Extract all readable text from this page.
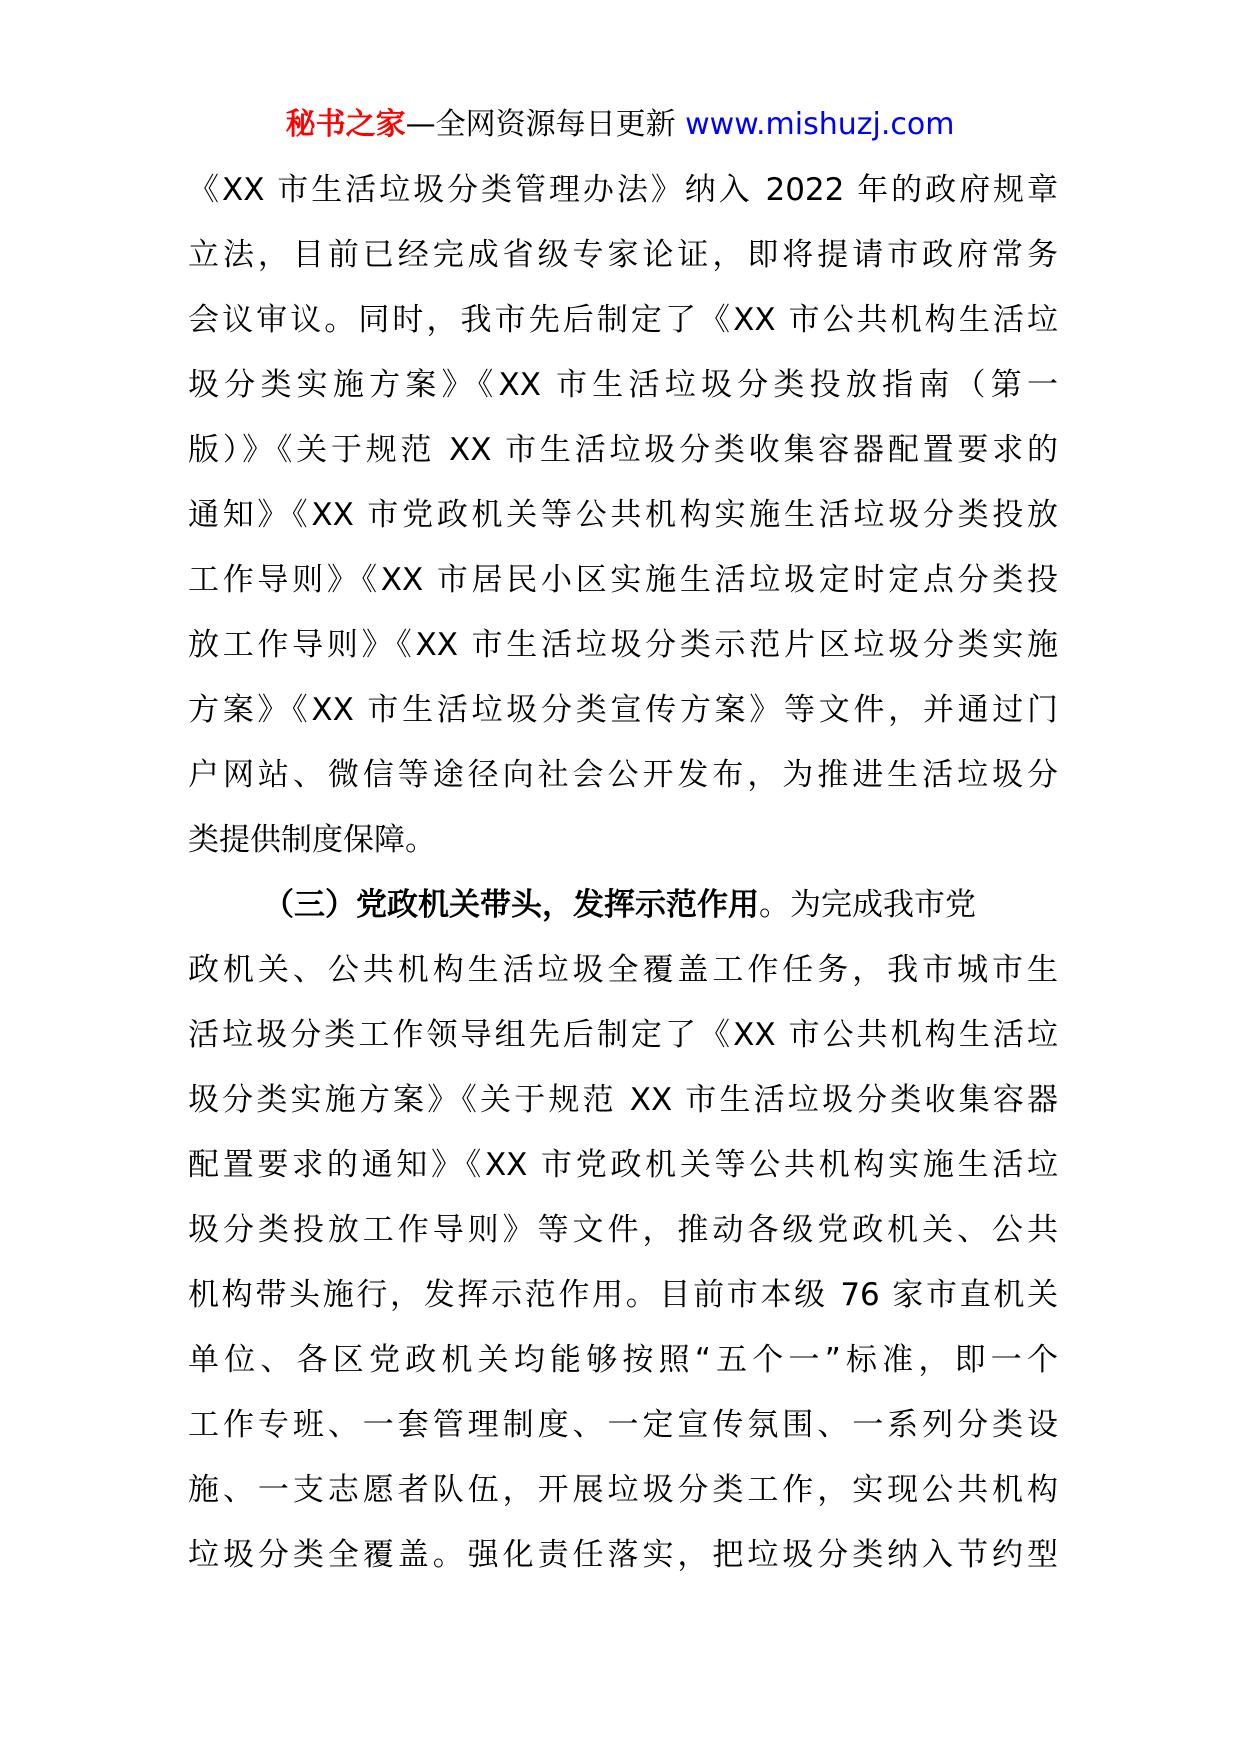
秘书之家—全网资源每日更新 www.mishuzj.com
《XX 市生活垃圾分类管理办法》纳入 2022 年的政府规章
立法，目前已经完成省级专家论证，即将提请市政府常务
会议审议。同时，我市先后制定了《XX 市公共机构生活垃
圾分类实施方案》《XX 市生活垃圾分类投放指南（第一
版）》《关于规范 XX 市生活垃圾分类收集容器配置要求的
通知》《XX 市党政机关等公共机构实施生活垃圾分类投放
工作导则》《XX 市居民小区实施生活垃圾定时定点分类投
放工作导则》《XX 市生活垃圾分类示范片区垃圾分类实施
方案》《XX 市生活垃圾分类宣传方案》等文件，并通过门
户网站、微信等途径向社会公开发布，为推进生活垃圾分
类提供制度保障。
（三）党政机关带头，发挥示范作用。为完成我市党
政机关、公共机构生活垃圾全覆盖工作任务，我市城市生
活垃圾分类工作领导组先后制定了《XX 市公共机构生活垃
圾分类实施方案》《关于规范 XX 市生活垃圾分类收集容器
配置要求的通知》《XX 市党政机关等公共机构实施生活垃
圾分类投放工作导则》等文件，推动各级党政机关、公共
机构带头施行，发挥示范作用。目前市本级 76 家市直机关
单位、各区党政机关均能够按照“五个一”标准，即一个
工作专班、一套管理制度、一定宣传氛围、一系列分类设
施、一支志愿者队伍，开展垃圾分类工作，实现公共机构
垃圾分类全覆盖。强化责任落实，把垃圾分类纳入节约型
